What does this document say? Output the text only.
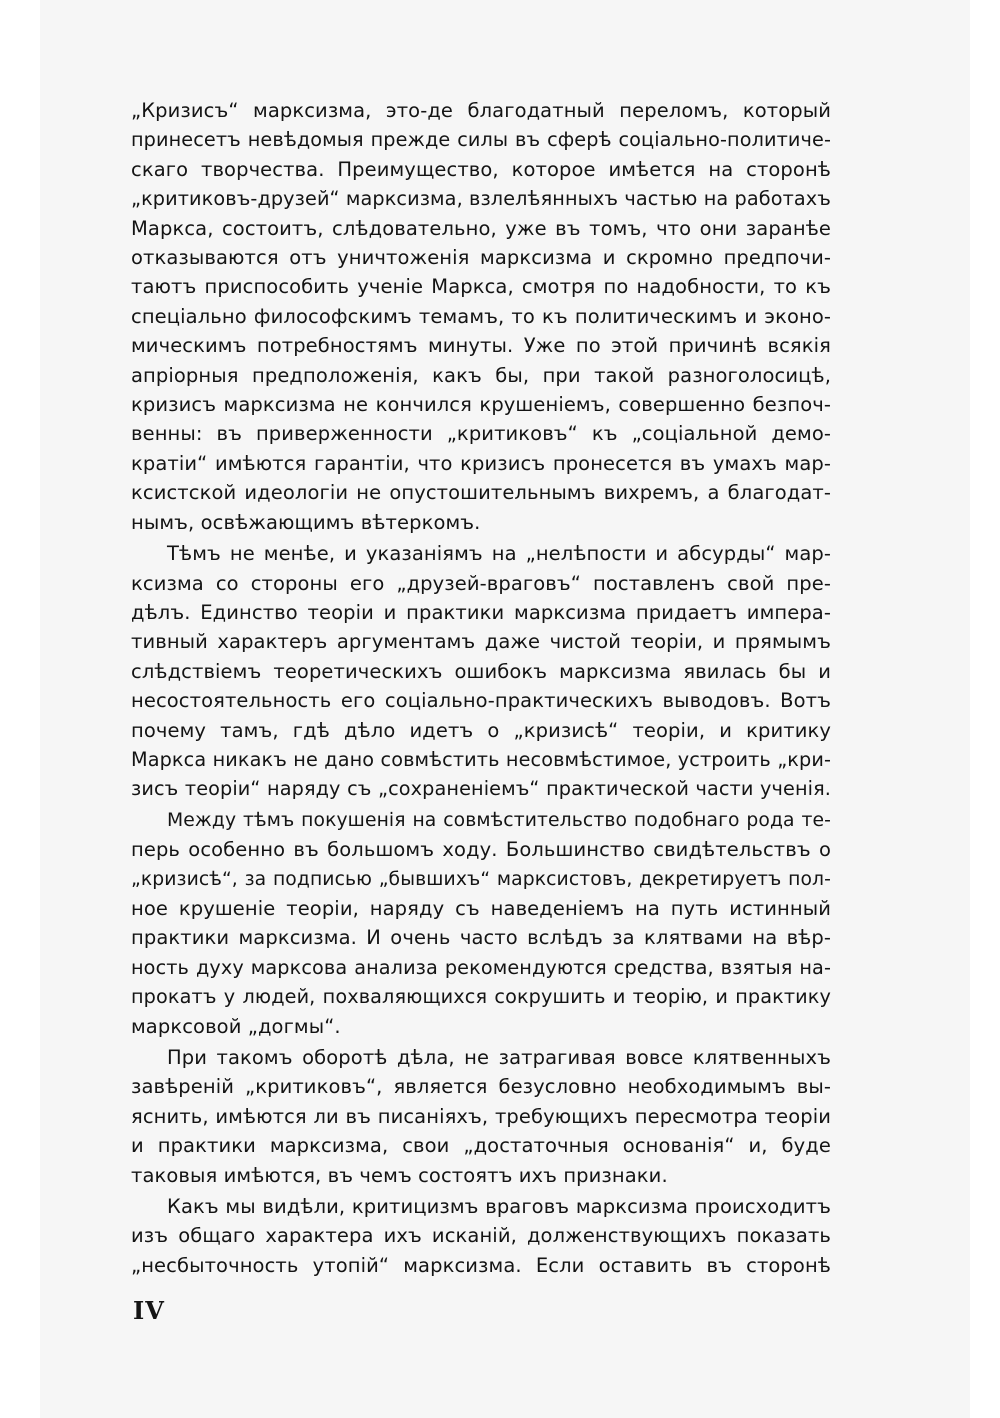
„Кризисъ“ марксизма, это-де благодатный переломъ, который
принесетъ невѣдомыя прежде силы въ сферѣ соціально-политиче-
скаго творчества. Преимущество, которое имѣется на сторонѣ
„критиковъ-друзей“ марксизма, взлелѣянныхъ частью на работахъ
Маркса, состоитъ, слѣдовательно, уже въ томъ, что они заранѣе
отказываются отъ уничтоженія марксизма и скромно предпочи-
таютъ приспособить ученіе Маркса, смотря по надобности, то къ
спеціально философскимъ темамъ, то къ политическимъ и эконо-
мическимъ потребностямъ минуты. Уже по этой причинѣ всякія
апріорныя предположенія, какъ бы, при такой разноголосицѣ,
кризисъ марксизма не кончился крушеніемъ, совершенно безпоч-
венны: въ приверженности „критиковъ“ къ „соціальной демо-
кратіи“ имѣются гарантіи, что кризисъ пронесется въ умахъ мар-
ксистской идеологіи не опустошительнымъ вихремъ, а благодат-
нымъ, освѣжающимъ вѣтеркомъ.
Тѣмъ не менѣе, и указаніямъ на „нелѣпости и абсурды“ мар-
ксизма со стороны его „друзей-враговъ“ поставленъ свой пре-
дѣлъ. Единство теоріи и практики марксизма придаетъ импера-
тивный характеръ аргументамъ даже чистой теоріи, и прямымъ
слѣдствіемъ теоретическихъ ошибокъ марксизма явилась бы и
несостоятельность его соціально-практическихъ выводовъ. Вотъ
почему тамъ, гдѣ дѣло идетъ о „кризисѣ“ теоріи, и критику
Маркса никакъ не дано совмѣстить несовмѣстимое, устроить „кри-
зисъ теоріи“ наряду съ „сохраненіемъ“ практической части ученія.
Между тѣмъ покушенія на совмѣстительство подобнаго рода те-
перь особенно въ большомъ ходу. Большинство свидѣтельствъ о
„кризисѣ“, за подписью „бывшихъ“ марксистовъ, декретируетъ пол-
ное крушеніе теоріи, наряду съ наведеніемъ на путь истинный
практики марксизма. И очень часто вслѣдъ за клятвами на вѣр-
ность духу марксова анализа рекомендуются средства, взятыя на-
прокатъ у людей, похваляющихся сокрушить и теорію, и практику
марксовой „догмы“.
При такомъ оборотѣ дѣла, не затрагивая вовсе клятвенныхъ
завѣреній „критиковъ“, является безусловно необходимымъ вы-
яснить, имѣются ли въ писаніяхъ, требующихъ пересмотра теоріи
и практики марксизма, свои „достаточныя основанія“ и, буде
таковыя имѣются, въ чемъ состоятъ ихъ признаки.
Какъ мы видѣли, критицизмъ враговъ марксизма происходитъ
изъ общаго характера ихъ исканій, долженствующихъ показать
„несбыточность утопій“ марксизма. Если оставить въ сторонѣ
IV
